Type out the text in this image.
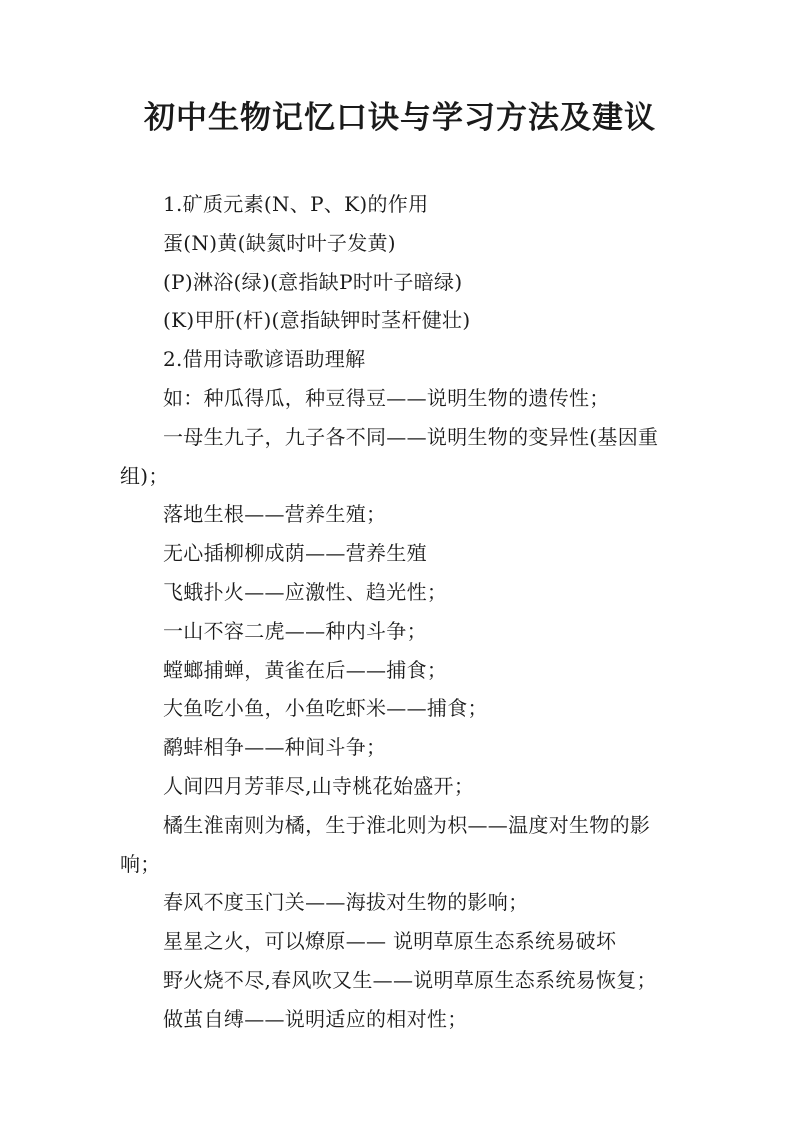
初中生物记忆口诀与学习方法及建议

1.矿质元素(N、P、K)的作用

蛋(N)黄(缺氮时叶子发黄)

(P)淋浴(绿)(意指缺P时叶子暗绿)

(K)甲肝(杆)(意指缺钾时茎杆健壮)

2.借用诗歌谚语助理解

如：种瓜得瓜，种豆得豆——说明生物的遗传性；

一母生九子，九子各不同——说明生物的变异性(基因重组)；

落地生根——营养生殖；

无心插柳柳成荫——营养生殖

飞蛾扑火——应激性、趋光性；

一山不容二虎——种内斗争；

螳螂捕蝉，黄雀在后——捕食；

大鱼吃小鱼，小鱼吃虾米——捕食；

鹬蚌相争——种间斗争；

人间四月芳菲尽,山寺桃花始盛开；

橘生淮南则为橘，生于淮北则为枳——温度对生物的影响；

春风不度玉门关——海拔对生物的影响；

星星之火，可以燎原—— 说明草原生态系统易破坏

野火烧不尽,春风吹又生——说明草原生态系统易恢复；

做茧自缚——说明适应的相对性；
